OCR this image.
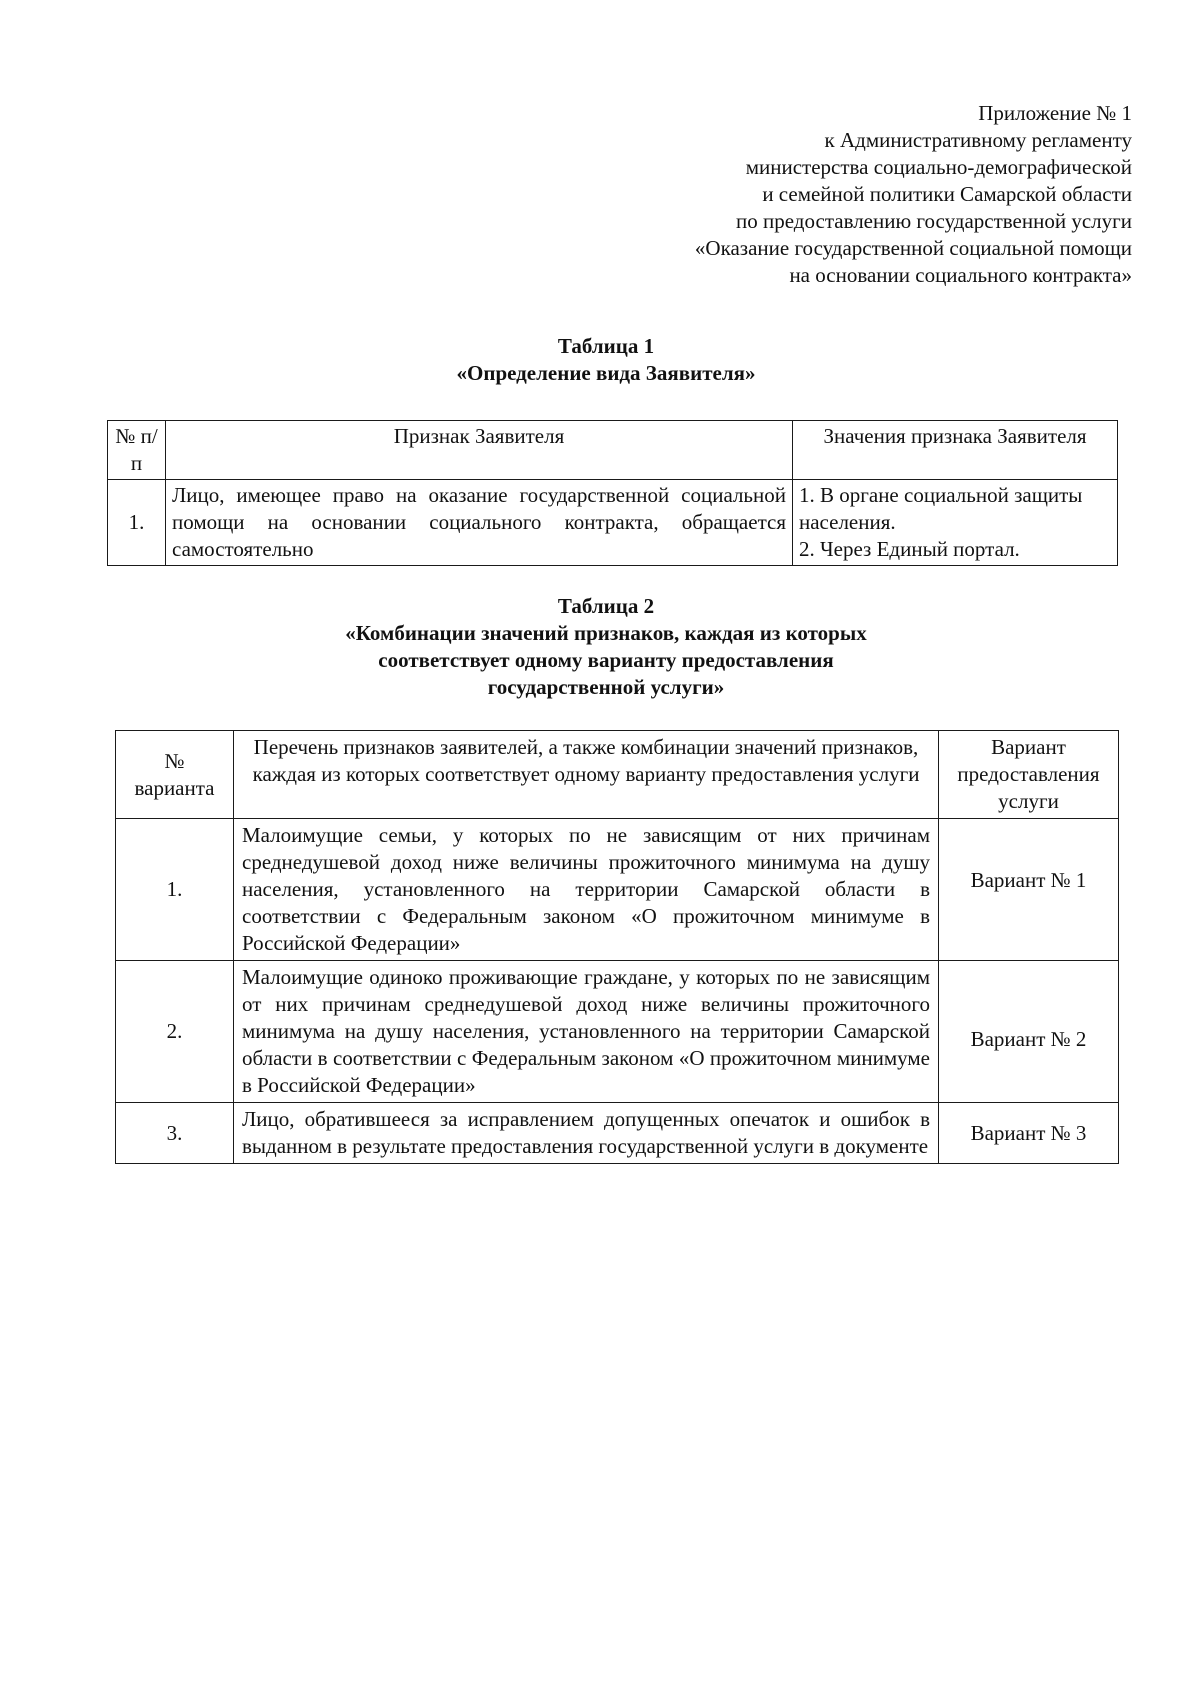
Приложение № 1
к Административному регламенту
министерства социально-демографической
и семейной политики Самарской области
по предоставлению государственной услуги
«Оказание государственной социальной помощи
на основании социального контракта»
Таблица 1
«Определение вида Заявителя»
№ п/п	Признак Заявителя	Значения признака Заявителя
1.	Лицо, имеющее право на оказание государственной социальной помощи на основании социального контракта, обращается самостоятельно	1. В органе социальной защиты населения.
2. Через Единый портал.
Таблица 2
«Комбинации значений признаков, каждая из которых
соответствует одному варианту предоставления
государственной услуги»
№ варианта	Перечень признаков заявителей, а также комбинации значений признаков, каждая из которых соответствует одному варианту предоставления услуги	Вариант предоставления услуги
1.	Малоимущие семьи, у которых по не зависящим от них причинам среднедушевой доход ниже величины прожиточного минимума на душу населения, установленного на территории Самарской области в соответствии с Федеральным законом «О прожиточном минимуме в Российской Федерации»	Вариант № 1
2.	Малоимущие одиноко проживающие граждане, у которых по не зависящим от них причинам среднедушевой доход ниже величины прожиточного минимума на душу населения, установленного на территории Самарской области в соответствии с Федеральным законом «О прожиточном минимуме в Российской Федерации»	Вариант № 2
3.	Лицо, обратившееся за исправлением допущенных опечаток и ошибок в выданном в результате предоставления государственной услуги в документе	Вариант № 3
